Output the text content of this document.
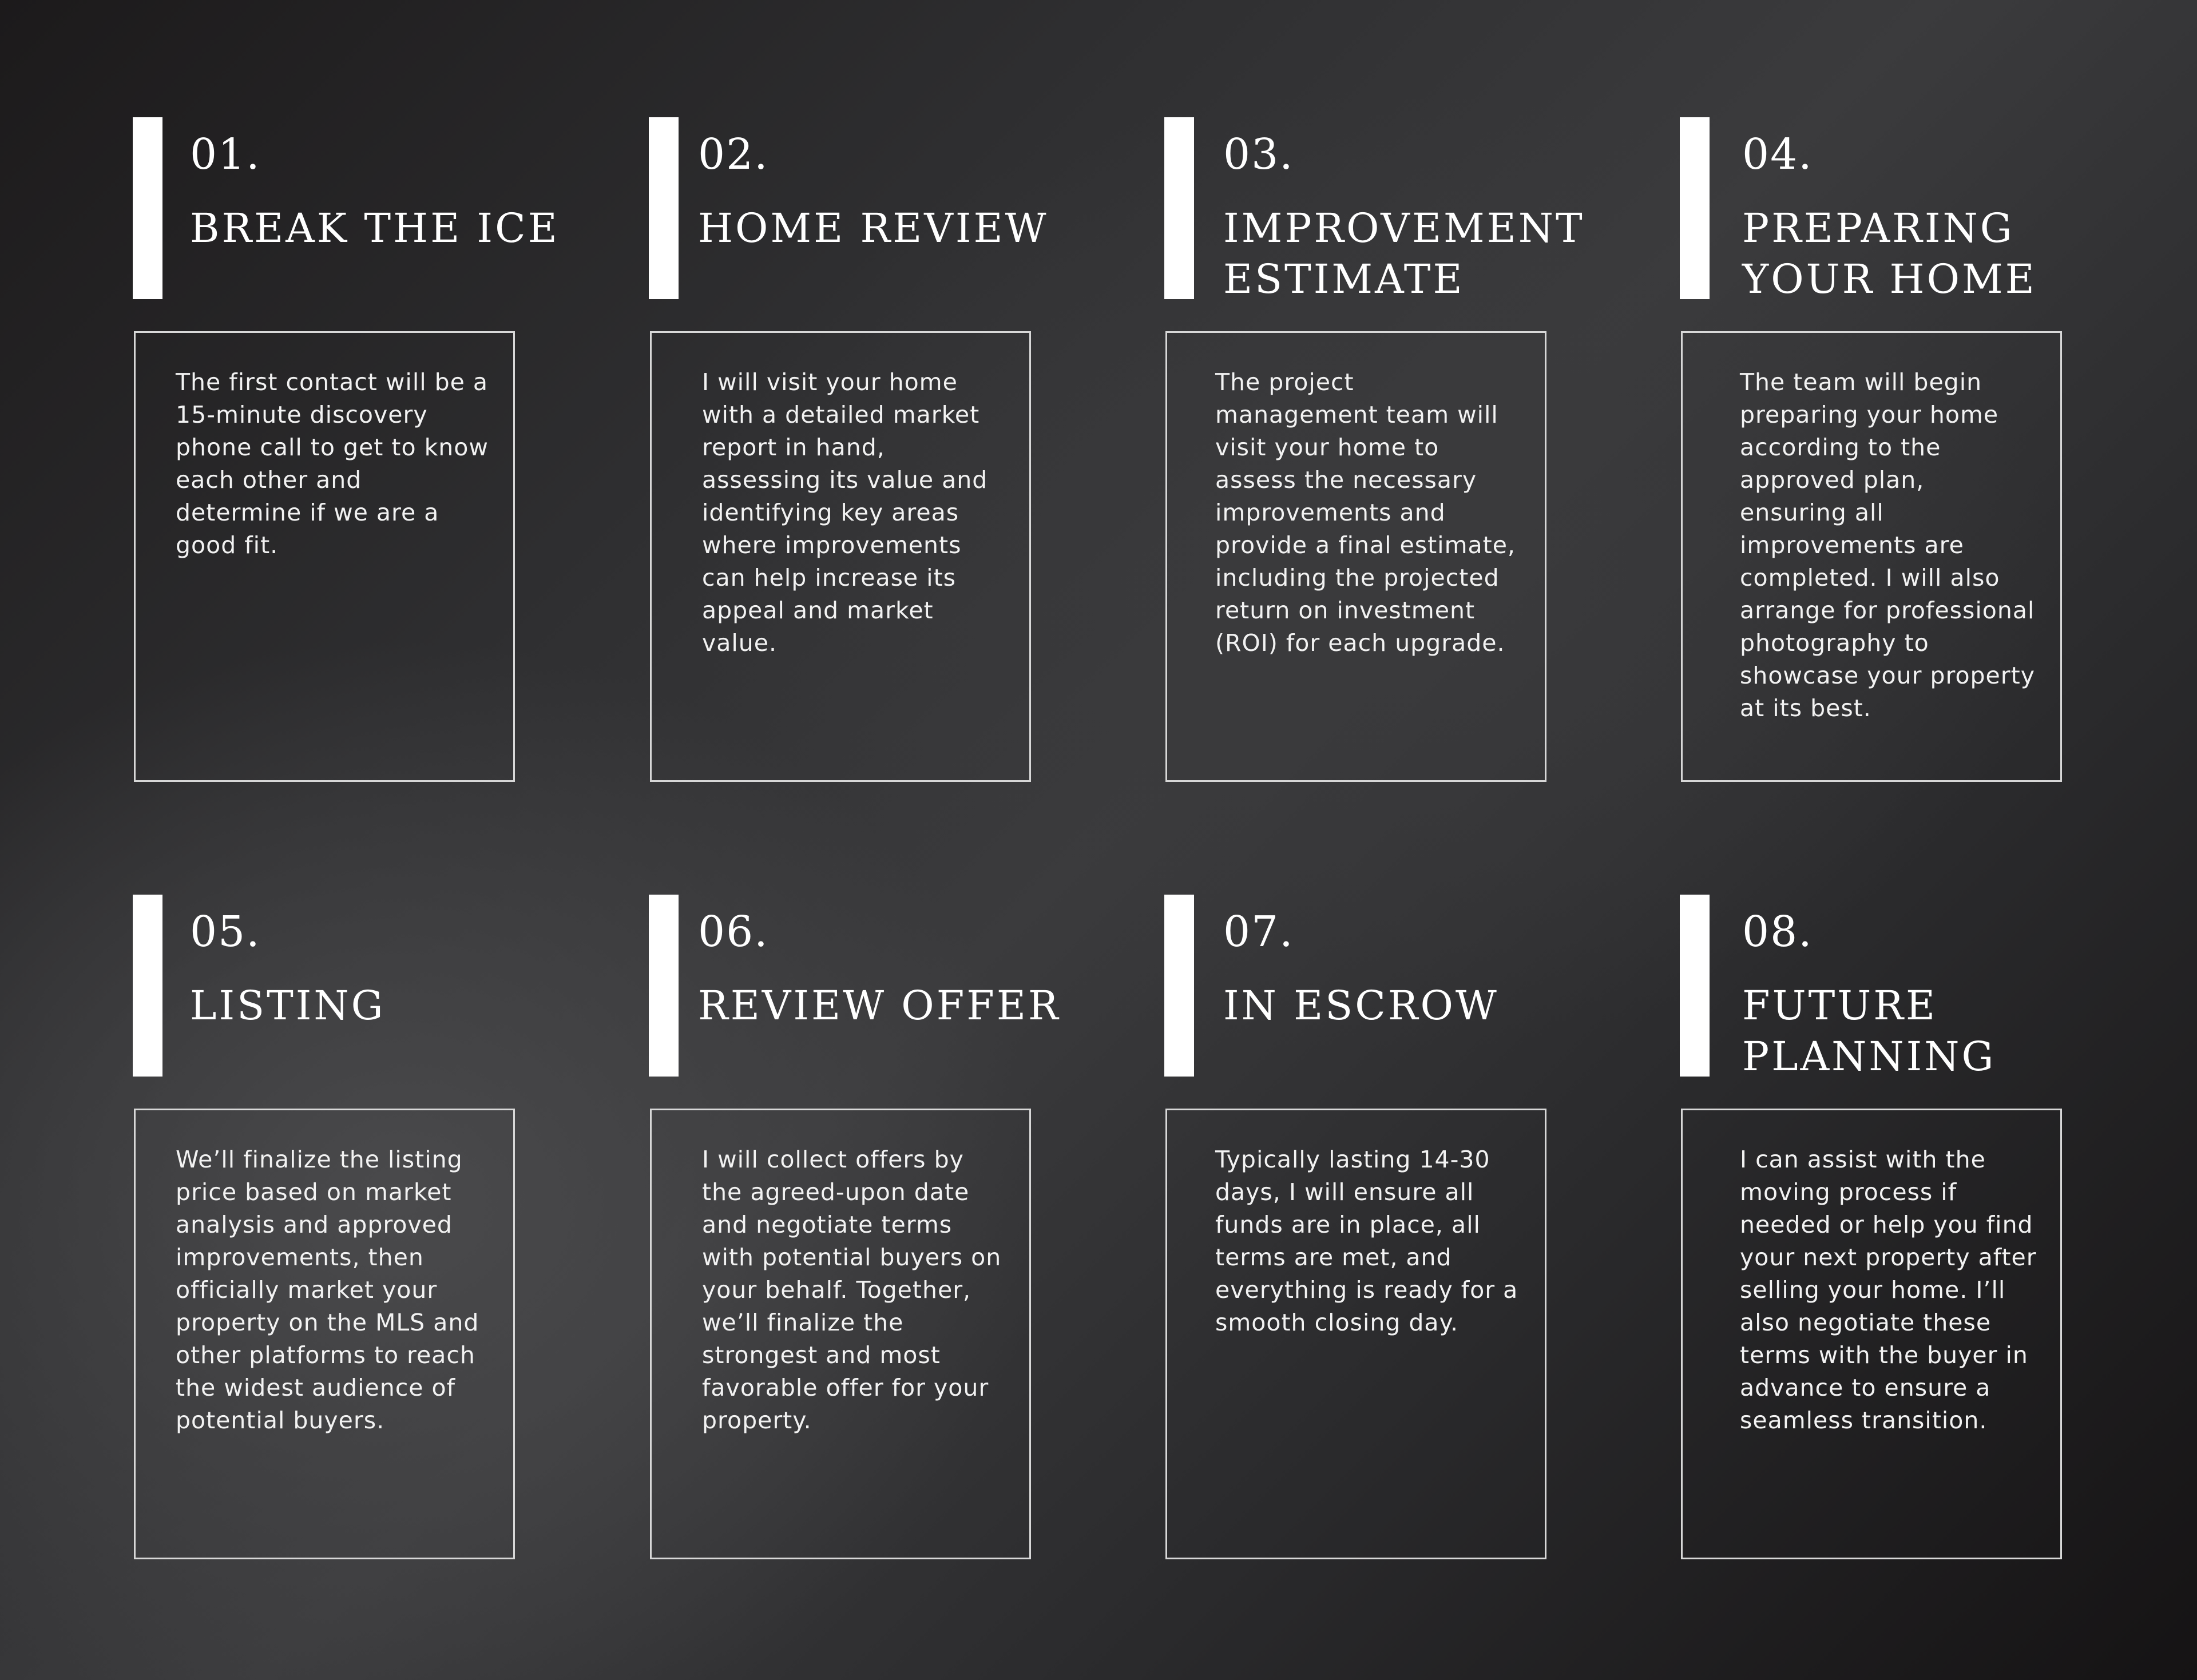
01.
BREAK THE ICE

The first contact will be a 15-minute discovery phone call to get to know each other and determine if we are a good fit.

02.
HOME REVIEW

I will visit your home with a detailed market report in hand, assessing its value and identifying key areas where improvements can help increase its appeal and market value.

03.
IMPROVEMENT ESTIMATE

The project management team will visit your home to assess the necessary improvements and provide a final estimate, including the projected return on investment (ROI) for each upgrade.

04.
PREPARING YOUR HOME

The team will begin preparing your home according to the approved plan, ensuring all improvements are completed. I will also arrange for professional photography to showcase your property at its best.

05.
LISTING

We’ll finalize the listing price based on market analysis and approved improvements, then officially market your property on the MLS and other platforms to reach the widest audience of potential buyers.

06.
REVIEW OFFER

I will collect offers by the agreed-upon date and negotiate terms with potential buyers on your behalf. Together, we’ll finalize the strongest and most favorable offer for your property.

07.
IN ESCROW

Typically lasting 14-30 days, I will ensure all funds are in place, all terms are met, and everything is ready for a smooth closing day.

08.
FUTURE PLANNING

I can assist with the moving process if needed or help you find your next property after selling your home. I’ll also negotiate these terms with the buyer in advance to ensure a seamless transition.
